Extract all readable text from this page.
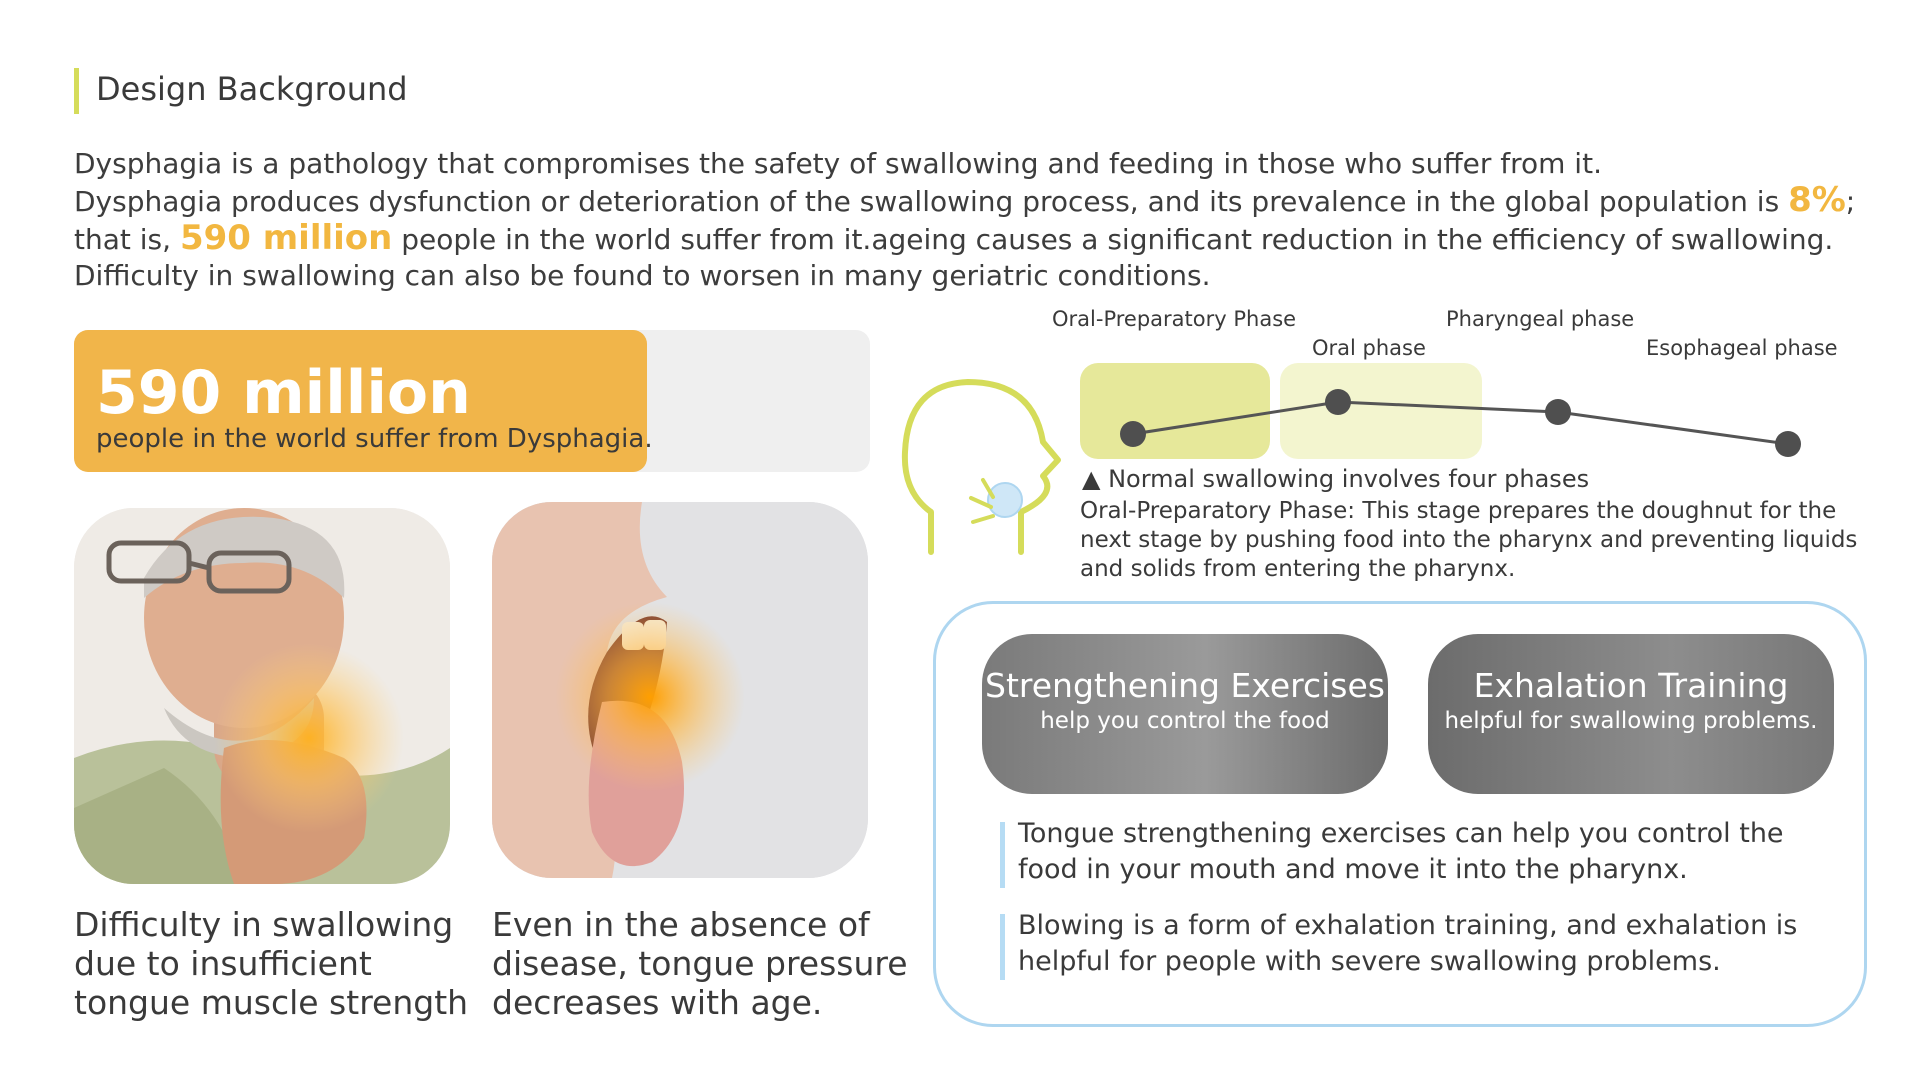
Design Background

Dysphagia is a pathology that compromises the safety of swallowing and feeding in those who suffer from it.

Dysphagia produces dysfunction or deterioration of the swallowing process, and its prevalence in the global population is 8%;

that is, 590 million people in the world suffer from it.ageing causes a significant reduction in the efficiency of swallowing.

Difficulty in swallowing can also be found to worsen in many geriatric conditions.

590 million
people in the world suffer from Dysphagia.
Difficulty in swallowing due to insufficient tongue muscle strength
Even in the absence of disease, tongue pressure decreases with age.
Oral-Preparatory Phase
Oral phase
Pharyngeal phase
Esophageal phase
▲ Normal swallowing involves four phases
Oral-Preparatory Phase: This stage prepares the doughnut for the next stage by pushing food into the pharynx and preventing liquids and solids from entering the pharynx.
Strengthening Exercises
help you control the food
Exhalation Training
helpful for swallowing problems.
Tongue strengthening exercises can help you control the food in your mouth and move it into the pharynx.
Blowing is a form of exhalation training, and exhalation is helpful for people with severe swallowing problems.
